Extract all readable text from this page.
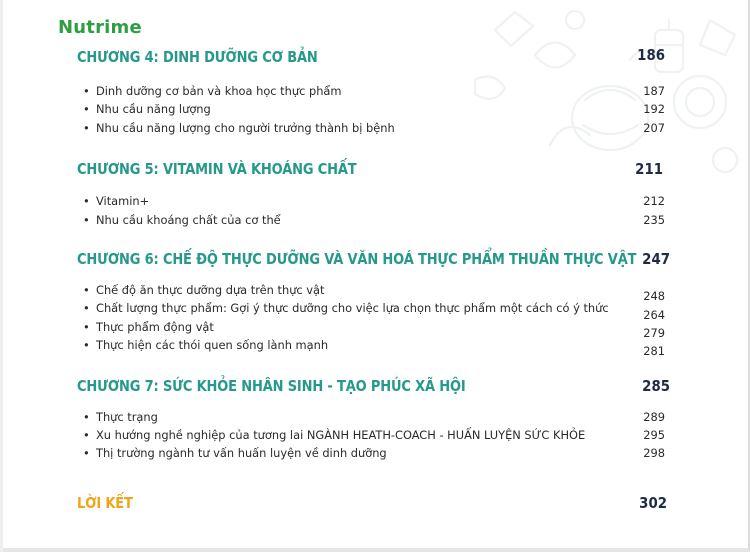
Nutrime
CHƯƠNG 4: DINH DƯỠNG CƠ BẢN	186
• Dinh dưỡng cơ bản và khoa học thực phẩm	187
• Nhu cầu năng lượng	192
• Nhu cầu năng lượng cho người trưởng thành bị bệnh	207
CHƯƠNG 5: VITAMIN VÀ KHOÁNG CHẤT	211
• Vitamin+	212
• Nhu cầu khoáng chất của cơ thể	235
CHƯƠNG 6: CHẾ ĐỘ THỰC DƯỠNG VÀ VĂN HOÁ THỰC PHẨM THUẦN THỰC VẬT 247
• Chế độ ăn thực dưỡng dựa trên thực vật	248
• Chất lượng thực phẩm: Gợi ý thực dưỡng cho việc lựa chọn thực phẩm một cách có ý thức	264
• Thực phẩm động vật	279
• Thực hiện các thói quen sống lành mạnh	281
CHƯƠNG 7: SỨC KHỎE NHÂN SINH - TẠO PHÚC XÃ HỘI	285
• Thực trạng	289
• Xu hướng nghề nghiệp của tương lai NGÀNH HEATH-COACH - HUẤN LUYỆN SỨC KHỎE	295
• Thị trường ngành tư vấn huấn luyện về dinh dưỡng	298
LỜI KẾT	302
